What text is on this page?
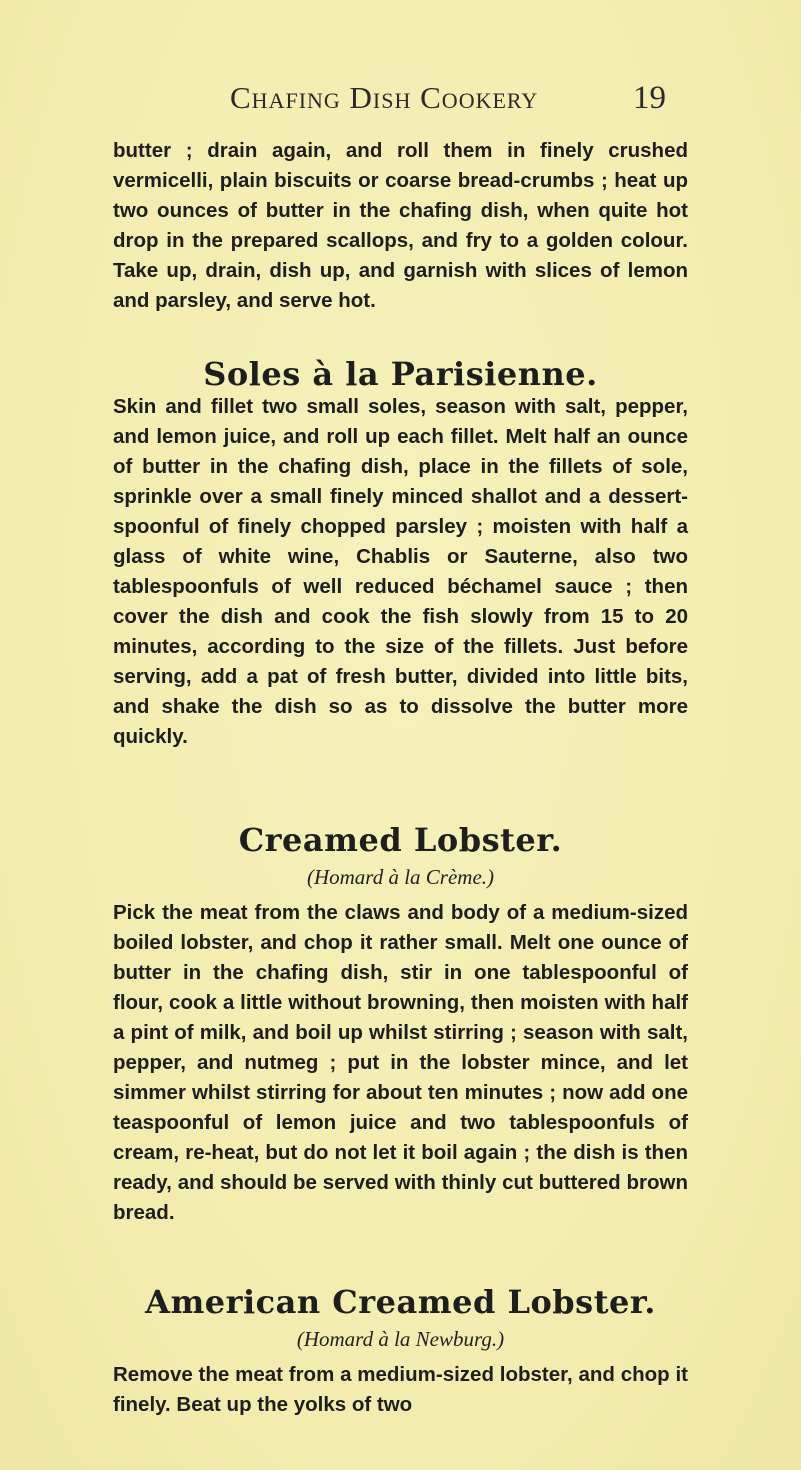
Chafing Dish Cookery	19

butter ; drain again, and roll them in finely crushed vermicelli, plain biscuits or coarse bread-crumbs ; heat up two ounces of butter in the chafing dish, when quite hot drop in the prepared scallops, and fry to a golden colour. Take up, drain, dish up, and garnish with slices of lemon and parsley, and serve hot.

Soles à la Parisienne.

Skin and fillet two small soles, season with salt, pepper, and lemon juice, and roll up each fillet. Melt half an ounce of butter in the chafing dish, place in the fillets of sole, sprinkle over a small finely minced shallot and a dessert-spoonful of finely chopped parsley ; moisten with half a glass of white wine, Chablis or Sauterne, also two tablespoonfuls of well reduced béchamel sauce ; then cover the dish and cook the fish slowly from 15 to 20 minutes, according to the size of the fillets. Just before serving, add a pat of fresh butter, divided into little bits, and shake the dish so as to dissolve the butter more quickly.

Creamed Lobster.

(Homard à la Crème.)

Pick the meat from the claws and body of a medium-sized boiled lobster, and chop it rather small. Melt one ounce of butter in the chafing dish, stir in one tablespoonful of flour, cook a little without browning, then moisten with half a pint of milk, and boil up whilst stirring ; season with salt, pepper, and nutmeg ; put in the lobster mince, and let simmer whilst stirring for about ten minutes ; now add one teaspoonful of lemon juice and two tablespoonfuls of cream, re-heat, but do not let it boil again ; the dish is then ready, and should be served with thinly cut buttered brown bread.

American Creamed Lobster.

(Homard à la Newburg.)

Remove the meat from a medium-sized lobster, and chop it finely. Beat up the yolks of two
